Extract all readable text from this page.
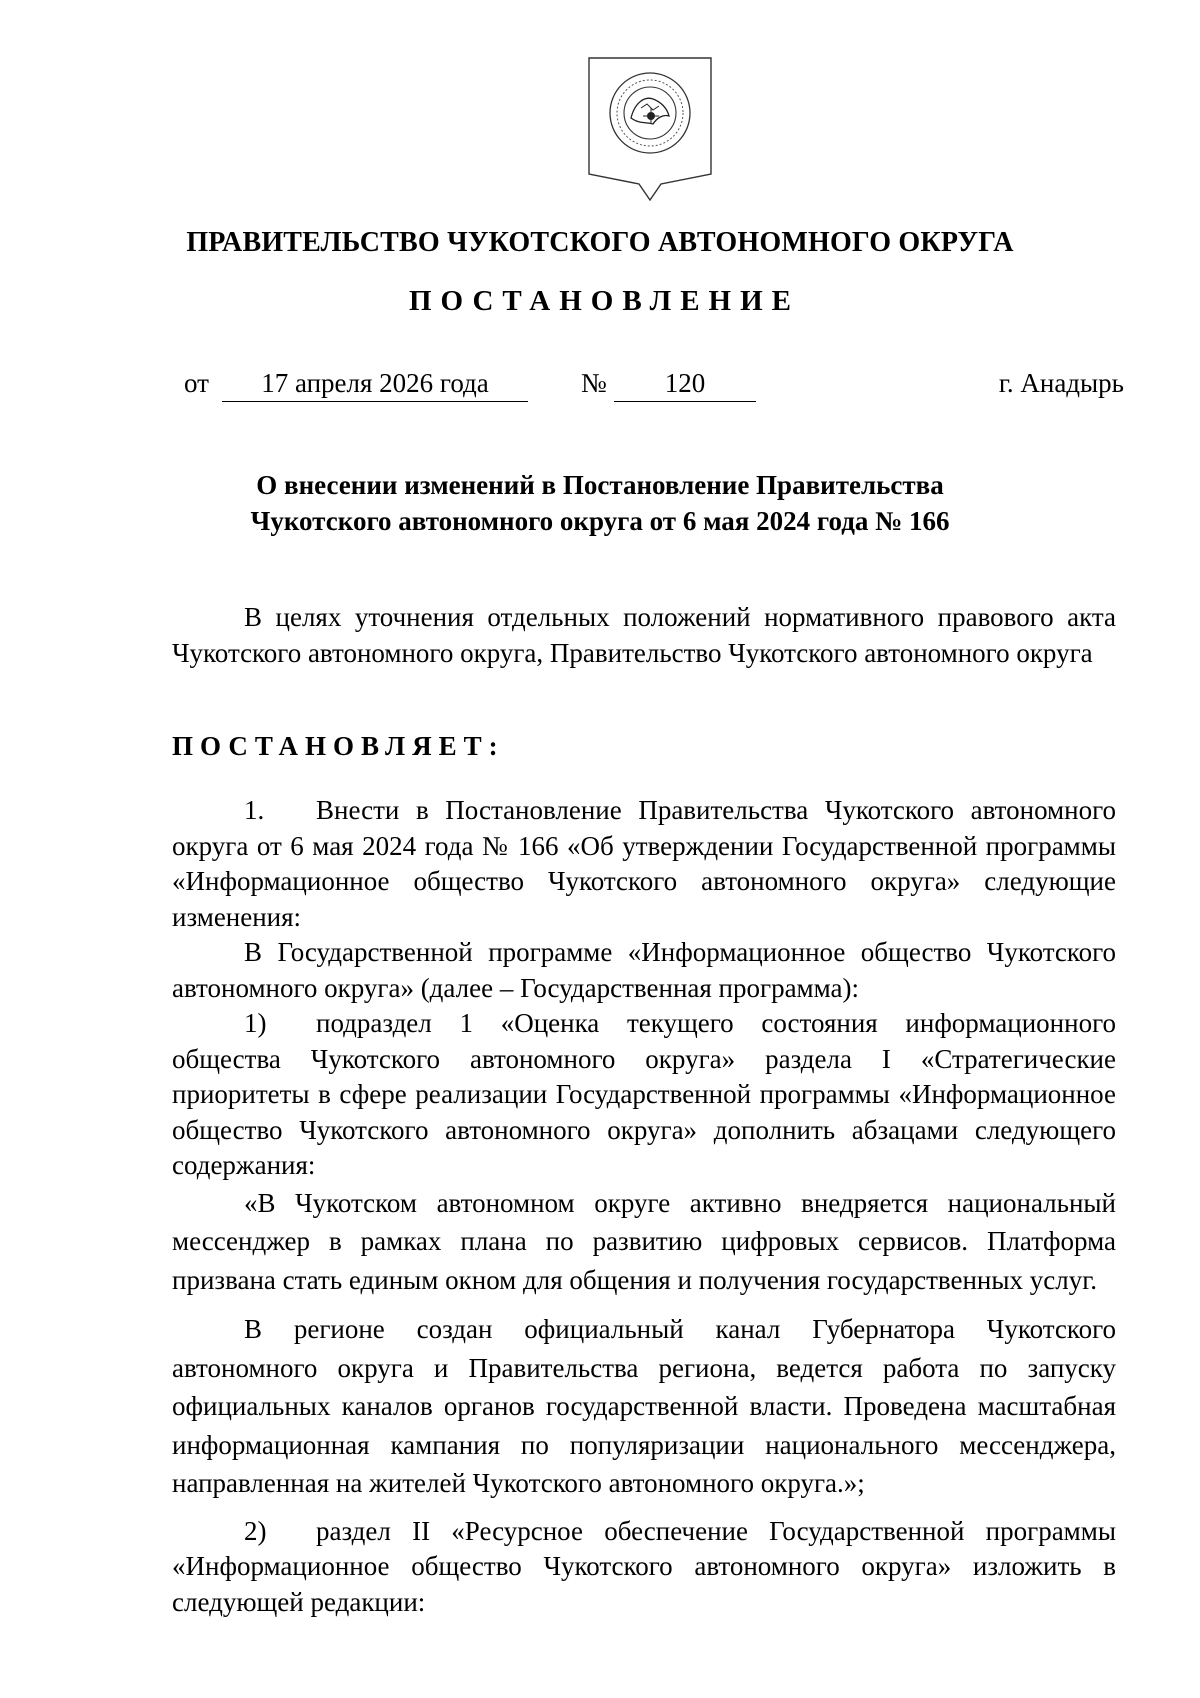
ПРАВИТЕЛЬСТВО ЧУКОТСКОГО АВТОНОМНОГО ОКРУГА
ПОСТАНОВЛЕНИЕ
от	17 апреля 2026 года	№	120	г. Анадырь
О внесении изменений в Постановление Правительства
Чукотского автономного округа от 6 мая 2024 года № 166

В целях уточнения отдельных положений нормативного правового акта Чукотского автономного округа, Правительство Чукотского автономного округа

ПОСТАНОВЛЯЕТ:

1. Внести в Постановление Правительства Чукотского автономного округа от 6 мая 2024 года № 166 «Об утверждении Государственной программы «Информационное общество Чукотского автономного округа» следующие изменения:

В Государственной программе «Информационное общество Чукотского автономного округа» (далее – Государственная программа):

1) подраздел 1 «Оценка текущего состояния информационного общества Чукотского автономного округа» раздела I «Стратегические приоритеты в сфере реализации Государственной программы «Информационное общество Чукотского автономного округа» дополнить абзацами следующего содержания:

«В Чукотском автономном округе активно внедряется национальный мессенджер в рамках плана по развитию цифровых сервисов. Платформа призвана стать единым окном для общения и получения государственных услуг.

В регионе создан официальный канал Губернатора Чукотского автономного округа и Правительства региона, ведется работа по запуску официальных каналов органов государственной власти. Проведена масштабная информационная кампания по популяризации национального мессенджера, направленная на жителей Чукотского автономного округа.»;

2) раздел II «Ресурсное обеспечение Государственной программы «Информационное общество Чукотского автономного округа» изложить в следующей редакции:
